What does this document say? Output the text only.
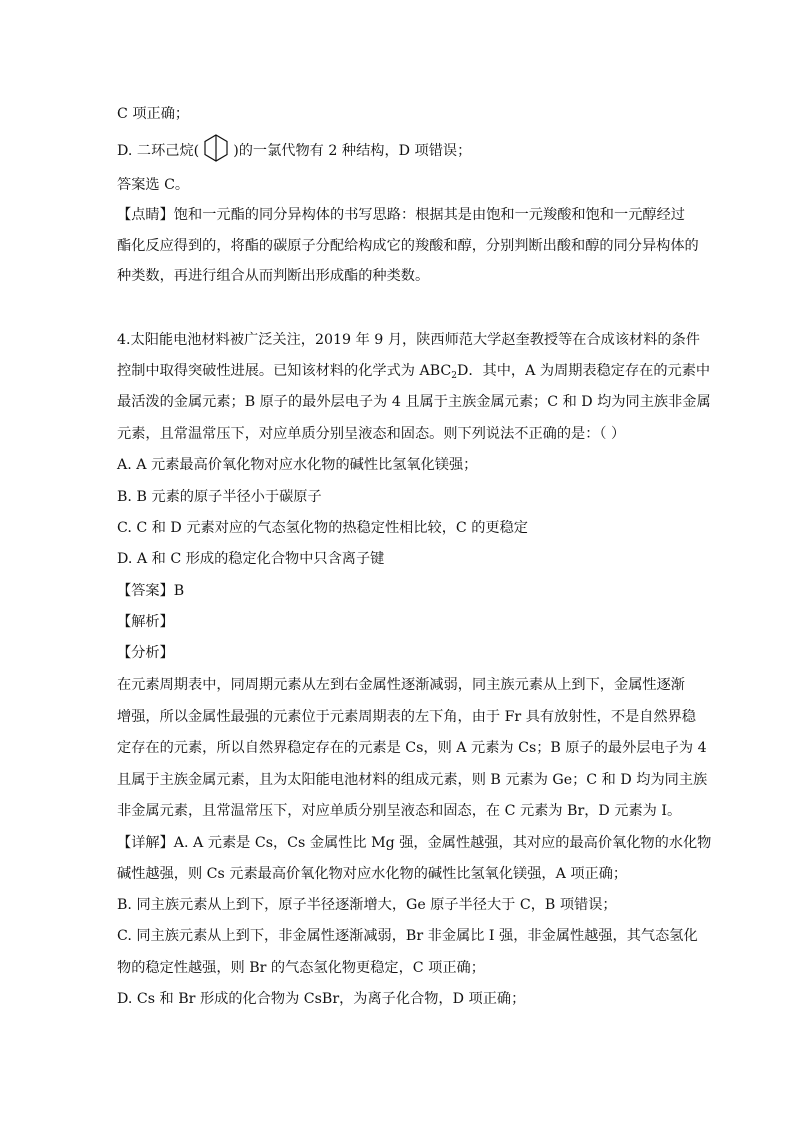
C 项正确；
D. 二环己烷( )的一氯代物有 2 种结构，D 项错误；
答案选 C。
【点睛】饱和一元酯的同分异构体的书写思路：根据其是由饱和一元羧酸和饱和一元醇经过
酯化反应得到的，将酯的碳原子分配给构成它的羧酸和醇，分别判断出酸和醇的同分异构体的
种类数，再进行组合从而判断出形成酯的种类数。
4.太阳能电池材料被广泛关注，2019 年 9 月，陕西师范大学赵奎教授等在合成该材料的条件
控制中取得突破性进展。已知该材料的化学式为 $ABC_2D$．其中，A 为周期表稳定存在的元素中
最活泼的金属元素；B 原子的最外层电子为 4 且属于主族金属元素；C 和 D 均为同主族非金属
元素，且常温常压下，对应单质分别呈液态和固态。则下列说法不正确的是：（ ）
A. A 元素最高价氧化物对应水化物的碱性比氢氧化镁强；
B. B 元素的原子半径小于碳原子
C. C 和 D 元素对应的气态氢化物的热稳定性相比较，C 的更稳定
D. A 和 C 形成的稳定化合物中只含离子键
【答案】B
【解析】
【分析】
在元素周期表中，同周期元素从左到右金属性逐渐减弱，同主族元素从上到下，金属性逐渐
增强，所以金属性最强的元素位于元素周期表的左下角，由于 Fr 具有放射性，不是自然界稳
定存在的元素，所以自然界稳定存在的元素是 Cs，则 A 元素为 Cs；B 原子的最外层电子为 4
且属于主族金属元素，且为太阳能电池材料的组成元素，则 B 元素为 Ge；C 和 D 均为同主族
非金属元素，且常温常压下，对应单质分别呈液态和固态，在 C 元素为 Br，D 元素为 I。
【详解】A. A 元素是 Cs，Cs 金属性比 Mg 强，金属性越强，其对应的最高价氧化物的水化物
碱性越强，则 Cs 元素最高价氧化物对应水化物的碱性比氢氧化镁强，A 项正确；
B. 同主族元素从上到下，原子半径逐渐增大，Ge 原子半径大于 C，B 项错误；
C. 同主族元素从上到下，非金属性逐渐减弱，Br 非金属比 I 强，非金属性越强，其气态氢化
物的稳定性越强，则 Br 的气态氢化物更稳定，C 项正确；
D. Cs 和 Br 形成的化合物为 CsBr，为离子化合物，D 项正确；
